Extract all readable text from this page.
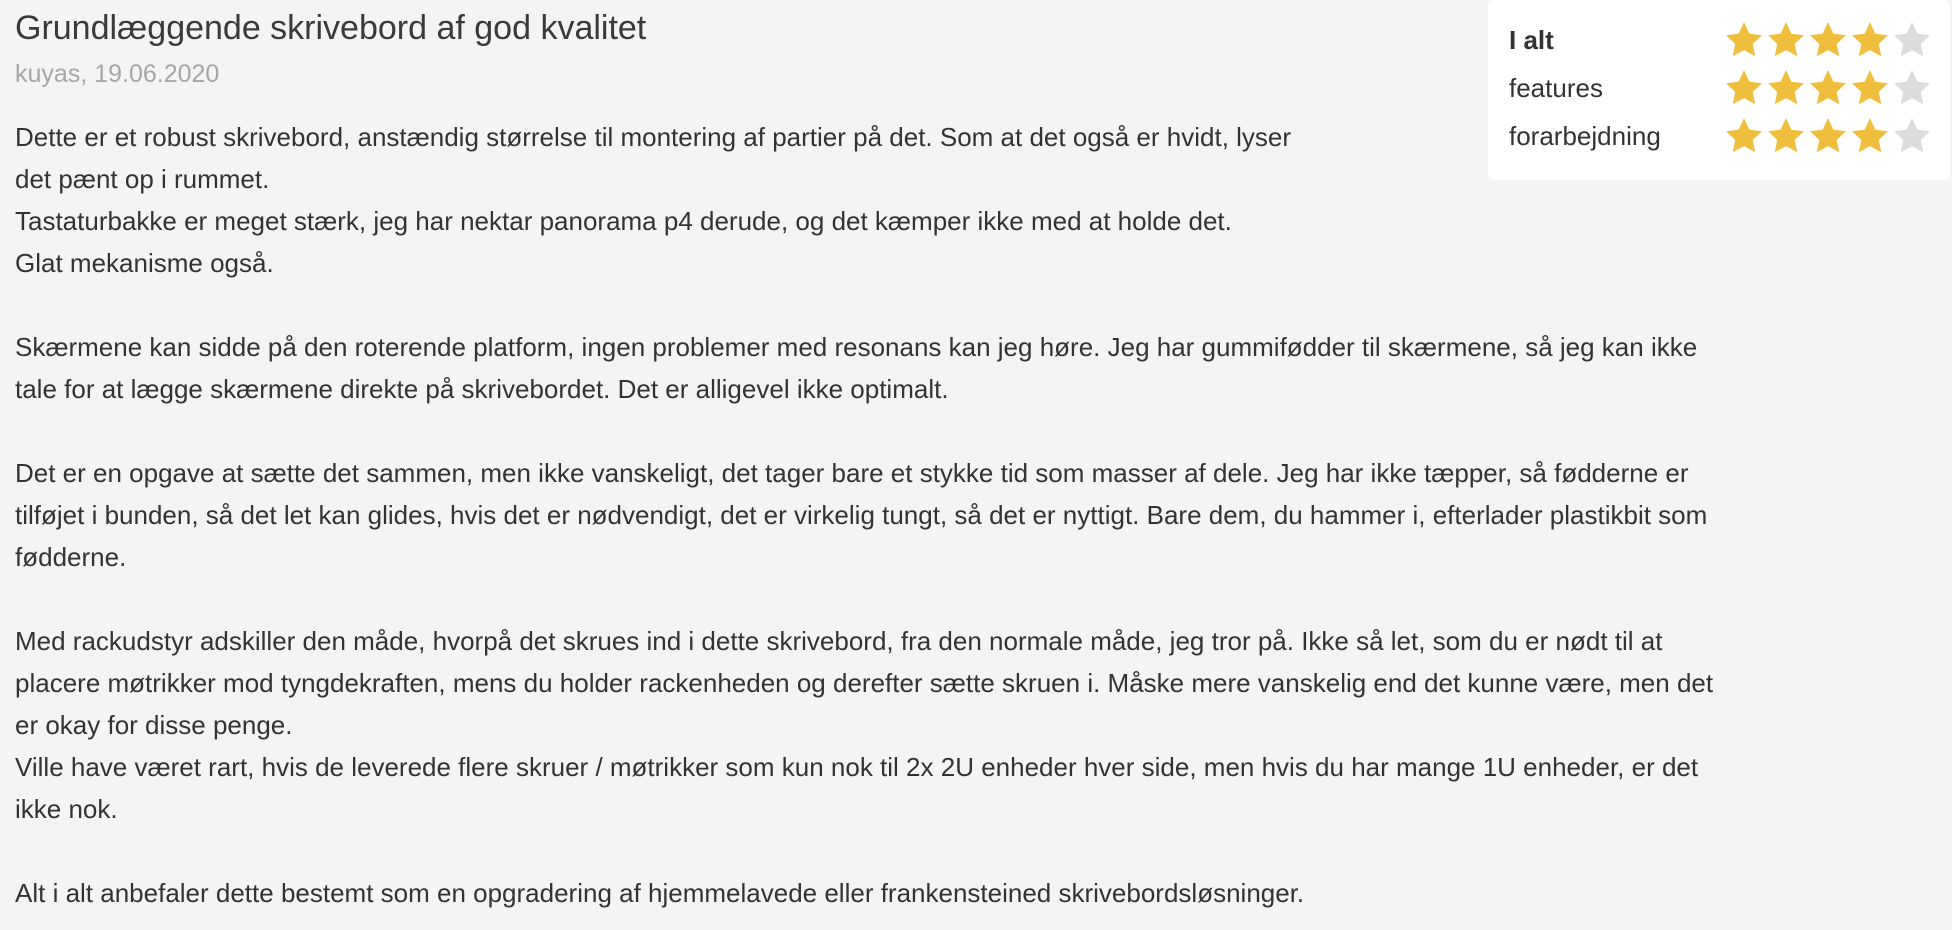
Grundlæggende skrivebord af god kvalitet
kuyas, 19.06.2020

Dette er et robust skrivebord, anstændig størrelse til montering af partier på det. Som at det også er hvidt, lyser

det pænt op i rummet.

Tastaturbakke er meget stærk, jeg har nektar panorama p4 derude, og det kæmper ikke med at holde det.

Glat mekanisme også.

Skærmene kan sidde på den roterende platform, ingen problemer med resonans kan jeg høre. Jeg har gummifødder til skærmene, så jeg kan ikke

tale for at lægge skærmene direkte på skrivebordet. Det er alligevel ikke optimalt.

Det er en opgave at sætte det sammen, men ikke vanskeligt, det tager bare et stykke tid som masser af dele. Jeg har ikke tæpper, så fødderne er

tilføjet i bunden, så det let kan glides, hvis det er nødvendigt, det er virkelig tungt, så det er nyttigt. Bare dem, du hammer i, efterlader plastikbit som

fødderne.

Med rackudstyr adskiller den måde, hvorpå det skrues ind i dette skrivebord, fra den normale måde, jeg tror på. Ikke så let, som du er nødt til at

placere møtrikker mod tyngdekraften, mens du holder rackenheden og derefter sætte skruen i. Måske mere vanskelig end det kunne være, men det

er okay for disse penge.

Ville have været rart, hvis de leverede flere skruer / møtrikker som kun nok til 2x 2U enheder hver side, men hvis du har mange 1U enheder, er det

ikke nok.

Alt i alt anbefaler dette bestemt som en opgradering af hjemmelavede eller frankensteined skrivebordsløsninger.

I alt
features
forarbejdning
